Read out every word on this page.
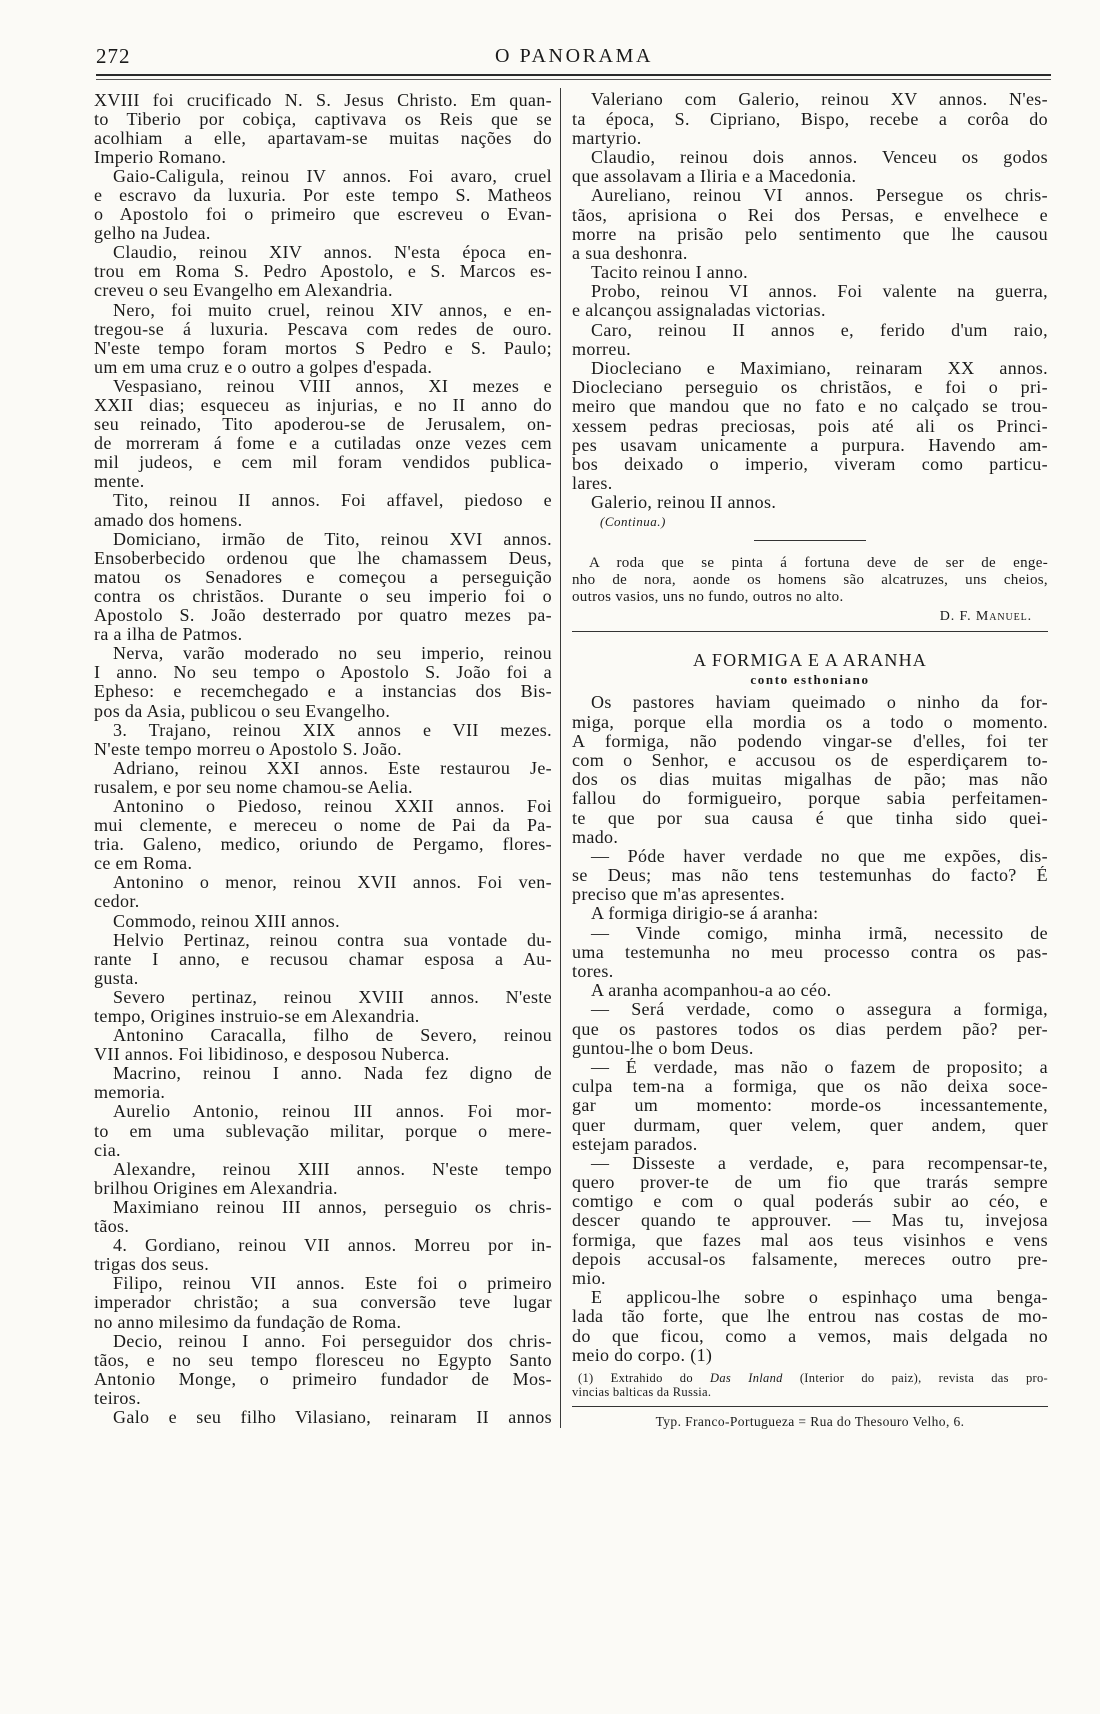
272	O PANORAMA
XVIII foi crucificado N. S. Jesus Christo. Em quan-
to Tiberio por cobiça, captivava os Reis que se
acolhiam a elle, apartavam-se muitas nações do
Imperio Romano.
Gaio-Caligula, reinou IV annos. Foi avaro, cruel
e escravo da luxuria. Por este tempo S. Matheos
o Apostolo foi o primeiro que escreveu o Evan-
gelho na Judea.
Claudio, reinou XIV annos. N'esta época en-
trou em Roma S. Pedro Apostolo, e S. Marcos es-
creveu o seu Evangelho em Alexandria.
Nero, foi muito cruel, reinou XIV annos, e en-
tregou-se á luxuria. Pescava com redes de ouro.
N'este tempo foram mortos S Pedro e S. Paulo;
um em uma cruz e o outro a golpes d'espada.
Vespasiano, reinou VIII annos, XI mezes e
XXII dias; esqueceu as injurias, e no II anno do
seu reinado, Tito apoderou-se de Jerusalem, on-
de morreram á fome e a cutiladas onze vezes cem
mil judeos, e cem mil foram vendidos publica-
mente.
Tito, reinou II annos. Foi affavel, piedoso e
amado dos homens.
Domiciano, irmão de Tito, reinou XVI annos.
Ensoberbecido ordenou que lhe chamassem Deus,
matou os Senadores e começou a perseguição
contra os christãos. Durante o seu imperio foi o
Apostolo S. João desterrado por quatro mezes pa-
ra a ilha de Patmos.
Nerva, varão moderado no seu imperio, reinou
I anno. No seu tempo o Apostolo S. João foi a
Epheso: e recemchegado e a instancias dos Bis-
pos da Asia, publicou o seu Evangelho.
3. Trajano, reinou XIX annos e VII mezes.
N'este tempo morreu o Apostolo S. João.
Adriano, reinou XXI annos. Este restaurou Je-
rusalem, e por seu nome chamou-se Aelia.
Antonino o Piedoso, reinou XXII annos. Foi
mui clemente, e mereceu o nome de Pai da Pa-
tria. Galeno, medico, oriundo de Pergamo, flores-
ce em Roma.
Antonino o menor, reinou XVII annos. Foi ven-
cedor.
Commodo, reinou XIII annos.
Helvio Pertinaz, reinou contra sua vontade du-
rante I anno, e recusou chamar esposa a Au-
gusta.
Severo pertinaz, reinou XVIII annos. N'este
tempo, Origines instruio-se em Alexandria.
Antonino Caracalla, filho de Severo, reinou
VII annos. Foi libidinoso, e desposou Nuberca.
Macrino, reinou I anno. Nada fez digno de
memoria.
Aurelio Antonio, reinou III annos. Foi mor-
to em uma sublevação militar, porque o mere-
cia.
Alexandre, reinou XIII annos. N'este tempo
brilhou Origines em Alexandria.
Maximiano reinou III annos, perseguio os chris-
tãos.
4. Gordiano, reinou VII annos. Morreu por in-
trigas dos seus.
Filipo, reinou VII annos. Este foi o primeiro
imperador christão; a sua conversão teve lugar
no anno milesimo da fundação de Roma.
Decio, reinou I anno. Foi perseguidor dos chris-
tãos, e no seu tempo floresceu no Egypto Santo
Antonio Monge, o primeiro fundador de Mos-
teiros.
Galo e seu filho Vilasiano, reinaram II annos
Valeriano com Galerio, reinou XV annos. N'es-
ta época, S. Cipriano, Bispo, recebe a corôa do
martyrio.
Claudio, reinou dois annos. Venceu os godos
que assolavam a Iliria e a Macedonia.
Aureliano, reinou VI annos. Persegue os chris-
tãos, aprisiona o Rei dos Persas, e envelhece e
morre na prisão pelo sentimento que lhe causou
a sua deshonra.
Tacito reinou I anno.
Probo, reinou VI annos. Foi valente na guerra,
e alcançou assignaladas victorias.
Caro, reinou II annos e, ferido d'um raio,
morreu.
Diocleciano e Maximiano, reinaram XX annos.
Diocleciano perseguio os christãos, e foi o pri-
meiro que mandou que no fato e no calçado se trou-
xessem pedras preciosas, pois até ali os Princi-
pes usavam unicamente a purpura. Havendo am-
bos deixado o imperio, viveram como particu-
lares.
Galerio, reinou II annos.
(Continua.)
A roda que se pinta á fortuna deve de ser de enge-
nho de nora, aonde os homens são alcatruzes, uns cheios,
outros vasios, uns no fundo, outros no alto.
D. F. Manuel.
A FORMIGA E A ARANHA
conto esthoniano
Os pastores haviam queimado o ninho da for-
miga, porque ella mordia os a todo o momento.
A formiga, não podendo vingar-se d'elles, foi ter
com o Senhor, e accusou os de esperdiçarem to-
dos os dias muitas migalhas de pão; mas não
fallou do formigueiro, porque sabia perfeitamen-
te que por sua causa é que tinha sido quei-
mado.
— Póde haver verdade no que me expões, dis-
se Deus; mas não tens testemunhas do facto? É
preciso que m'as apresentes.
A formiga dirigio-se á aranha:
— Vinde comigo, minha irmã, necessito de
uma testemunha no meu processo contra os pas-
tores.
A aranha acompanhou-a ao céo.
— Será verdade, como o assegura a formiga,
que os pastores todos os dias perdem pão? per-
guntou-lhe o bom Deus.
— É verdade, mas não o fazem de proposito; a
culpa tem-na a formiga, que os não deixa soce-
gar um momento: morde-os incessantemente,
quer durmam, quer velem, quer andem, quer
estejam parados.
— Disseste a verdade, e, para recompensar-te,
quero prover-te de um fio que trarás sempre
comtigo e com o qual poderás subir ao céo, e
descer quando te approuver. — Mas tu, invejosa
formiga, que fazes mal aos teus visinhos e vens
depois accusal-os falsamente, mereces outro pre-
mio.
E applicou-lhe sobre o espinhaço uma benga-
lada tão forte, que lhe entrou nas costas de mo-
do que ficou, como a vemos, mais delgada no
meio do corpo. (1)
(1) Extrahido do Das Inland (Interior do paiz), revista das pro-
vincias balticas da Russia.
Typ. Franco-Portugueza = Rua do Thesouro Velho, 6.
